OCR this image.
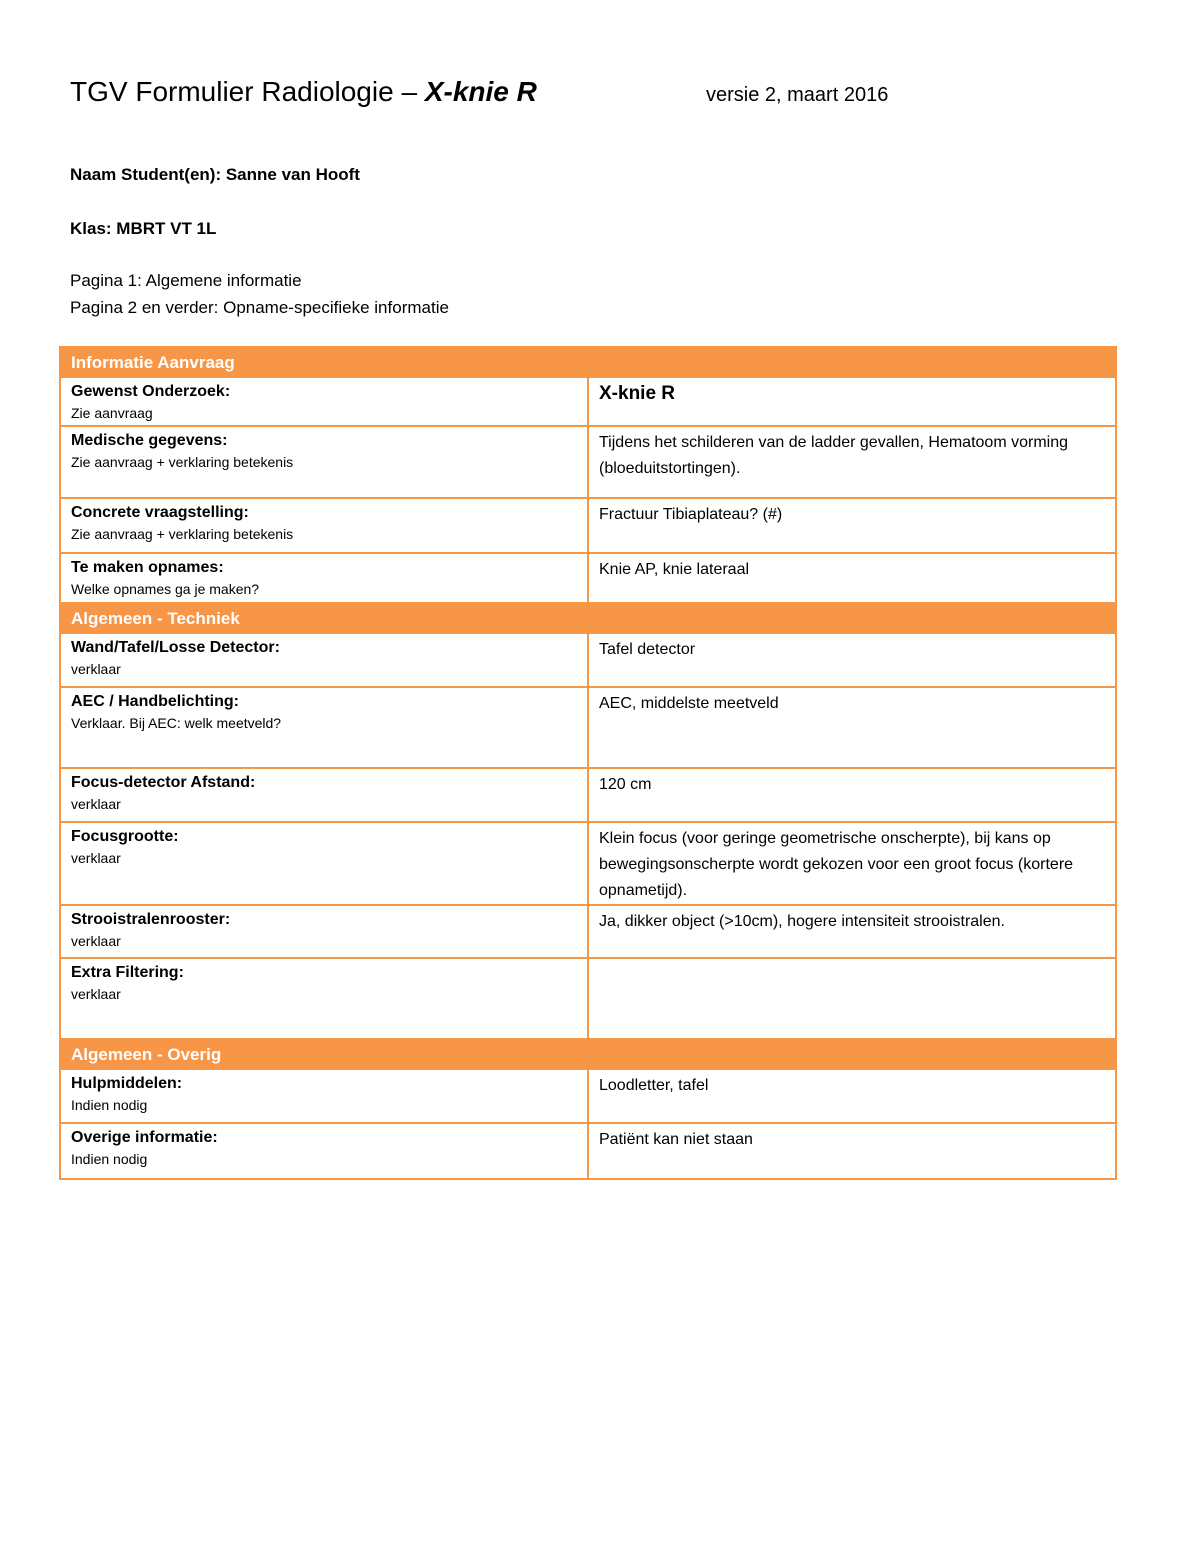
TGV Formulier Radiologie – X-knie R	versie 2, maart 2016
Naam Student(en): Sanne van Hooft
Klas: MBRT VT 1L
Pagina 1: Algemene informatie
Pagina 2 en verder: Opname-specifieke informatie
Informatie Aanvraag	

Gewenst Onderzoek:
Zie aanvraag	X-knie R

Medische gegevens:
Zie aanvraag + verklaring betekenis	Tijdens het schilderen van de ladder gevallen, Hematoom vorming (bloeduitstortingen).

Concrete vraagstelling:
Zie aanvraag + verklaring betekenis	Fractuur Tibiaplateau? (#)

Te maken opnames:
Welke opnames ga je maken?	Knie AP, knie lateraal
Algemeen - Techniek	

Wand/Tafel/Losse Detector:
verklaar	Tafel detector

AEC / Handbelichting:
Verklaar. Bij AEC: welk meetveld?	AEC, middelste meetveld

Focus-detector Afstand:
verklaar	120 cm

Focusgrootte:
verklaar	Klein focus (voor geringe geometrische onscherpte), bij kans op bewegingsonscherpte wordt gekozen voor een groot focus (kortere opnametijd).

Strooistralenrooster:
verklaar	Ja, dikker object (>10cm), hogere intensiteit strooistralen.

Extra Filtering:
verklaar	

Algemeen - Overig	

Hulpmiddelen:
Indien nodig	Loodletter, tafel

Overige informatie:
Indien nodig	Patiënt kan niet staan
